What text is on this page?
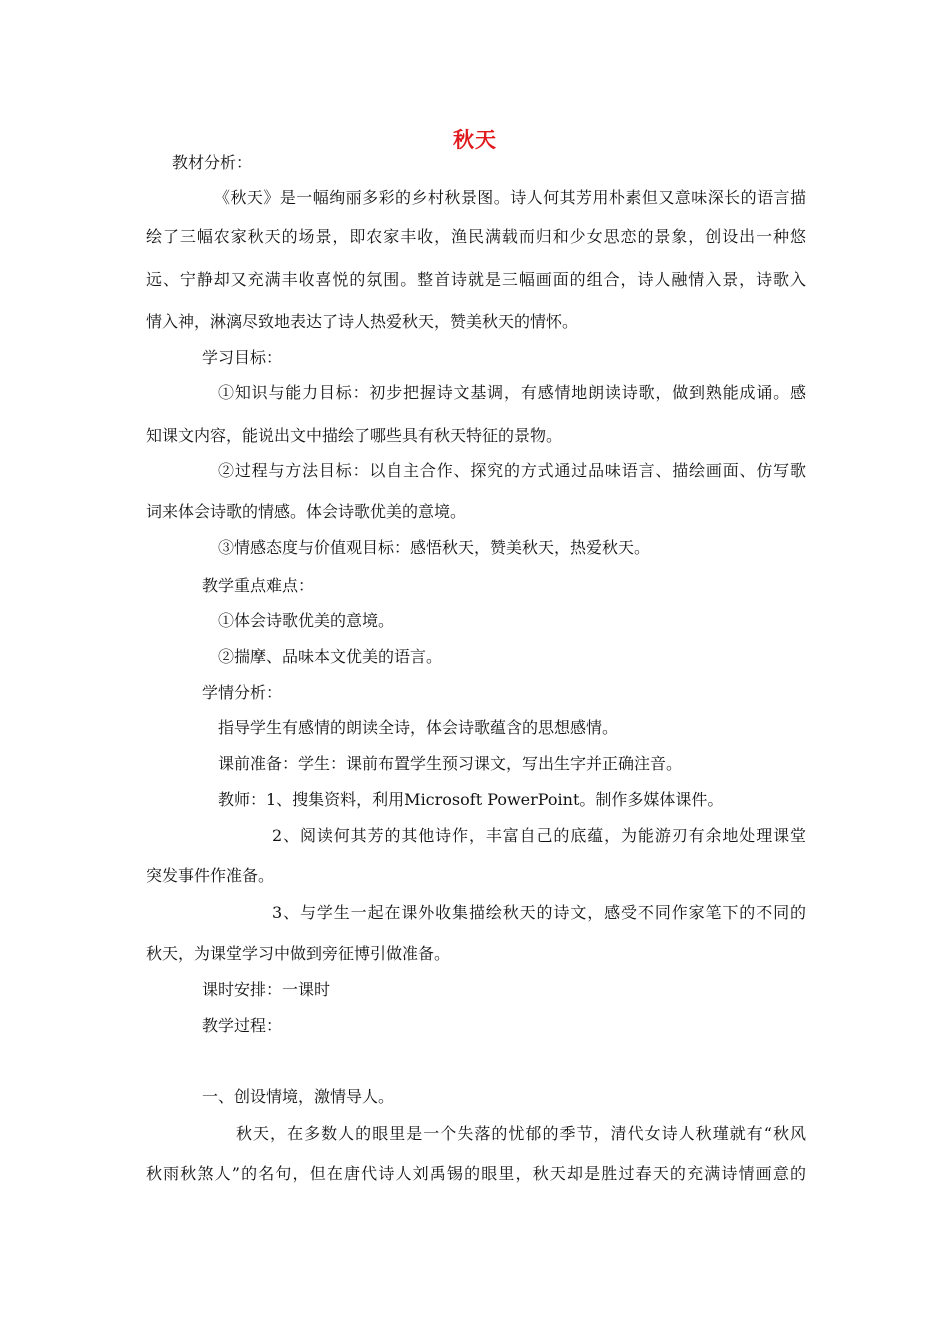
秋天
教材分析：
《秋天》是一幅绚丽多彩的乡村秋景图。诗人何其芳用朴素但又意味深长的语言描
绘了三幅农家秋天的场景，即农家丰收，渔民满载而归和少女思恋的景象，创设出一种悠
远、宁静却又充满丰收喜悦的氛围。整首诗就是三幅画面的组合，诗人融情入景，诗歌入
情入神，淋漓尽致地表达了诗人热爱秋天，赞美秋天的情怀。
学习目标：
①知识与能力目标：初步把握诗文基调，有感情地朗读诗歌，做到熟能成诵。感
知课文内容，能说出文中描绘了哪些具有秋天特征的景物。
②过程与方法目标：以自主合作、探究的方式通过品味语言、描绘画面、仿写歌
词来体会诗歌的情感。体会诗歌优美的意境。
③情感态度与价值观目标：感悟秋天，赞美秋天，热爱秋天。
教学重点难点：
①体会诗歌优美的意境。
②揣摩、品味本文优美的语言。
学情分析：
指导学生有感情的朗读全诗，体会诗歌蕴含的思想感情。
课前准备：学生：课前布置学生预习课文，写出生字并正确注音。
教师：1、搜集资料，利用Microsoft PowerPoint。制作多媒体课件。
2、阅读何其芳的其他诗作，丰富自己的底蕴，为能游刃有余地处理课堂
突发事件作准备。
3、与学生一起在课外收集描绘秋天的诗文，感受不同作家笔下的不同的
秋天，为课堂学习中做到旁征博引做准备。
课时安排：一课时
教学过程：
一、创设情境，激情导人。
秋天，在多数人的眼里是一个失落的忧郁的季节，清代女诗人秋瑾就有“秋风
秋雨秋煞人”的名句，但在唐代诗人刘禹锡的眼里，秋天却是胜过春天的充满诗情画意的
